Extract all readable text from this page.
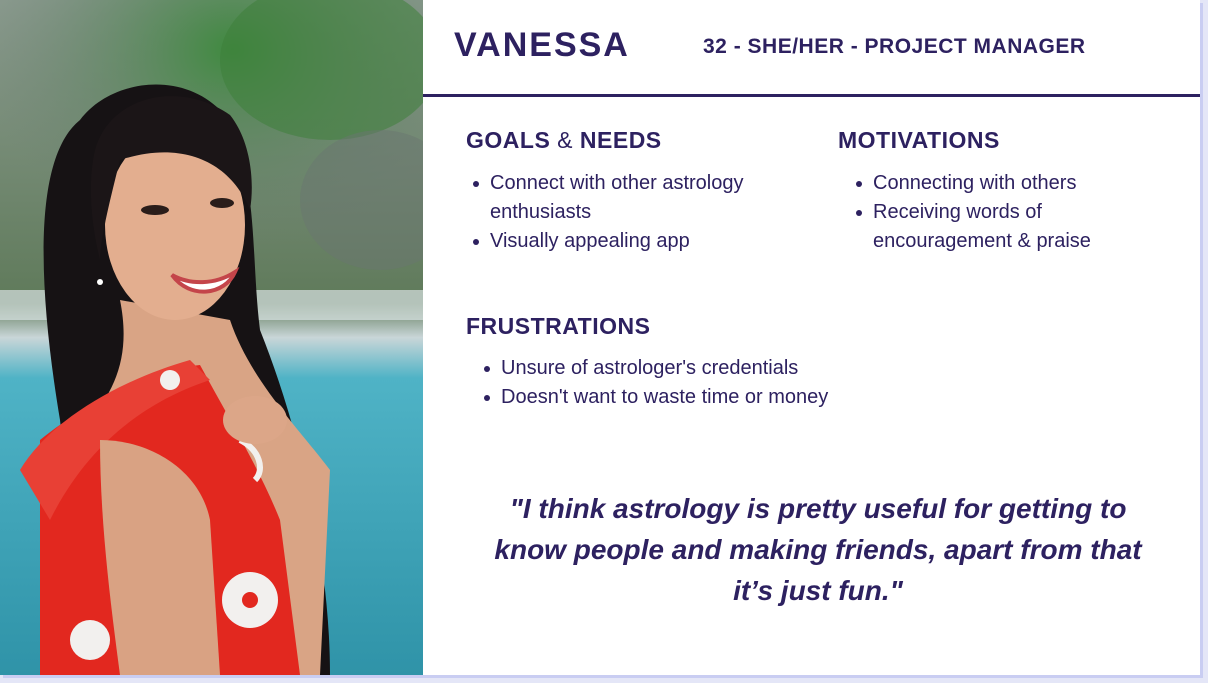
VANESSA	32 - SHE/HER - PROJECT MANAGER
GOALS & NEEDS
Connect with other astrology enthusiasts
Visually appealing app
MOTIVATIONS
Connecting with others
Receiving words of encouragement & praise
FRUSTRATIONS
Unsure of astrologer's credentials
Doesn't want to waste time or money
"I think astrology is pretty useful for getting to know people and making friends, apart from that it’s just fun."
